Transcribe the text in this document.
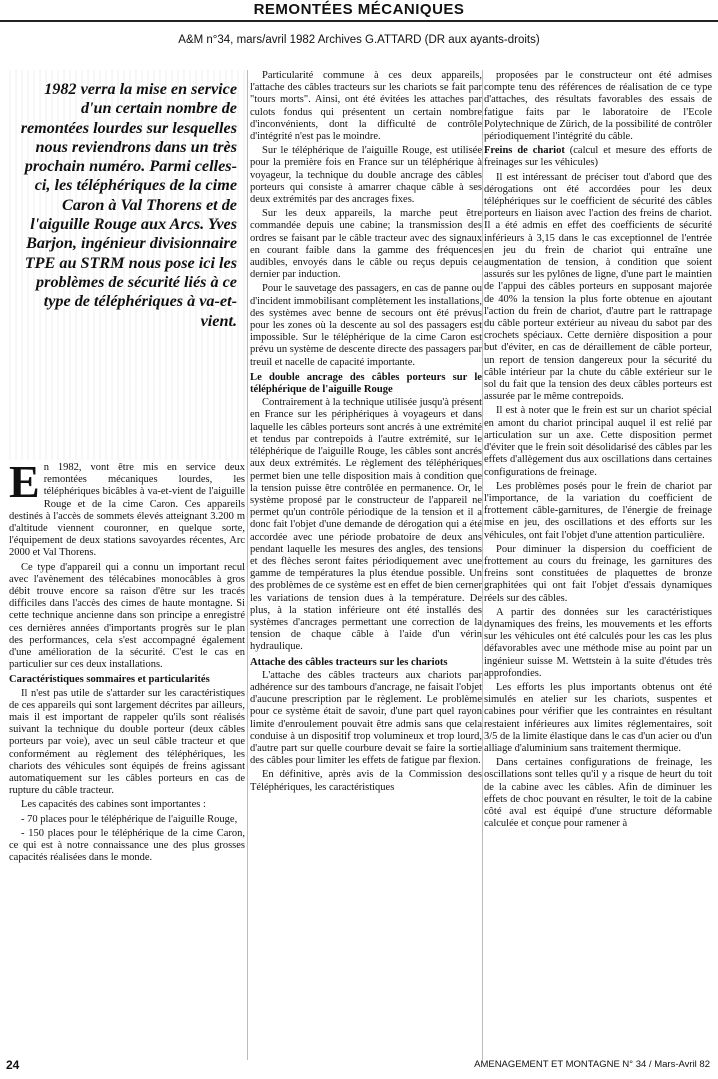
REMONTÉES MÉCANIQUES
A&M n°34, mars/avril 1982 Archives G.ATTARD (DR aux ayants-droits)
1982 verra la mise en service d'un certain nombre de remontées lourdes sur lesquelles nous reviendrons dans un très prochain numéro. Parmi celles-ci, les téléphériques de la cime Caron à Val Thorens et de l'aiguille Rouge aux Arcs. Yves Barjon, ingénieur divisionnaire TPE au STRM nous pose ici les problèmes de sécurité liés à ce type de téléphériques à va-et-vient.

En 1982, vont être mis en service deux remontées mécaniques lourdes, les téléphériques bicâbles à va-et-vient de l'aiguille Rouge et de la cime Caron. Ces appareils destinés à l'accès de sommets élevés atteignant 3.200 m d'altitude viennent couronner, en quelque sorte, l'équipement de deux stations savoyardes récentes, Arc 2000 et Val Thorens.

Ce type d'appareil qui a connu un important recul avec l'avènement des télécabines monocâbles à gros débit trouve encore sa raison d'être sur les tracés difficiles dans l'accès des cimes de haute montagne. Si cette technique ancienne dans son principe a enregistré ces dernières années d'importants progrès sur le plan des performances, cela s'est accompagné également d'une amélioration de la sécurité. C'est le cas en particulier sur ces deux installations.

Caractéristiques sommaires et particularités

Il n'est pas utile de s'attarder sur les caractéristiques de ces appareils qui sont largement décrites par ailleurs, mais il est important de rappeler qu'ils sont réalisés suivant la technique du double porteur (deux câbles porteurs par voie), avec un seul câble tracteur et que conformément au règlement des téléphériques, les chariots des véhicules sont équipés de freins agissant automatiquement sur les câbles porteurs en cas de rupture du câble tracteur.

Les capacités des cabines sont importantes :

- 70 places pour le téléphérique de l'aiguille Rouge,

- 150 places pour le téléphérique de la cime Caron, ce qui est à notre connaissance une des plus grosses capacités réalisées dans le monde.

Particularité commune à ces deux appareils, l'attache des câbles tracteurs sur les chariots se fait par "tours morts". Ainsi, ont été évitées les attaches par culots fondus qui présentent un certain nombre d'inconvénients, dont la difficulté de contrôle d'intégrité n'est pas le moindre.

Sur le téléphérique de l'aiguille Rouge, est utilisée pour la première fois en France sur un téléphérique à voyageur, la technique du double ancrage des câbles porteurs qui consiste à amarrer chaque câble à ses deux extrémités par des ancrages fixes.

Sur les deux appareils, la marche peut être commandée depuis une cabine; la transmission des ordres se faisant par le câble tracteur avec des signaux en courant faible dans la gamme des fréquences audibles, envoyés dans le câble ou reçus depuis ce dernier par induction.

Pour le sauvetage des passagers, en cas de panne ou d'incident immobilisant complètement les installations, des systèmes avec benne de secours ont été prévus pour les zones où la descente au sol des passagers est impossible. Sur le téléphérique de la cime Caron est prévu un système de descente directe des passagers par treuil et nacelle de capacité importante.

Le double ancrage des câbles porteurs sur le téléphérique de l'aiguille Rouge

Contrairement à la technique utilisée jusqu'à présent en France sur les périphériques à voyageurs et dans laquelle les câbles porteurs sont ancrés à une extrémité et tendus par contrepoids à l'autre extrémité, sur le téléphérique de l'aiguille Rouge, les câbles sont ancrés aux deux extrémités. Le règlement des téléphériques permet bien une telle disposition mais à condition que la tension puisse être contrôlée en permanence. Or, le système proposé par le constructeur de l'appareil ne permet qu'un contrôle périodique de la tension et il a donc fait l'objet d'une demande de dérogation qui a été accordée avec une période probatoire de deux ans pendant laquelle les mesures des angles, des tensions et des flèches seront faites périodiquement avec une gamme de températures la plus étendue possible. Un des problèmes de ce système est en effet de bien cerner les variations de tension dues à la température. De plus, à la station inférieure ont été installés des systèmes d'ancrages permettant une correction de la tension de chaque câble à l'aide d'un vérin hydraulique.

Attache des câbles tracteurs sur les chariots

L'attache des câbles tracteurs aux chariots par adhérence sur des tambours d'ancrage, ne faisait l'objet d'aucune prescription par le règlement. Le problème pour ce système était de savoir, d'une part quel rayon limite d'enroulement pouvait être admis sans que cela conduise à un dispositif trop volumineux et trop lourd, d'autre part sur quelle courbure devait se faire la sortie des câbles pour limiter les effets de fatigue par flexion.

En définitive, après avis de la Commission des Téléphériques, les caractéristiques

proposées par le constructeur ont été admises compte tenu des références de réalisation de ce type d'attaches, des résultats favorables des essais de fatigue faits par le laboratoire de l'Ecole Polytechnique de Zürich, de la possibilité de contrôler périodiquement l'intégrité du câble.

Freins de chariot (calcul et mesure des efforts de freinages sur les véhicules)

Il est intéressant de préciser tout d'abord que des dérogations ont été accordées pour les deux téléphériques sur le coefficient de sécurité des câbles porteurs en liaison avec l'action des freins de chariot. Il a été admis en effet des coefficients de sécurité inférieurs à 3,15 dans le cas exceptionnel de l'entrée en jeu du frein de chariot qui entraîne une augmentation de tension, à condition que soient assurés sur les pylônes de ligne, d'une part le maintien de l'appui des câbles porteurs en supposant majorée de 40% la tension la plus forte obtenue en ajoutant l'action du frein de chariot, d'autre part le rattrapage du câble porteur extérieur au niveau du sabot par des crochets spéciaux. Cette dernière disposition a pour but d'éviter, en cas de déraillement de câble porteur, un report de tension dangereux pour la sécurité du câble intérieur par la chute du câble extérieur sur le sol du fait que la tension des deux câbles porteurs est assurée par le même contrepoids.

Il est à noter que le frein est sur un chariot spécial en amont du chariot principal auquel il est relié par articulation sur un axe. Cette disposition permet d'éviter que le frein soit désolidarisé des câbles par les effets d'allègement dus aux oscillations dans certaines configurations de freinage.

Les problèmes posés pour le frein de chariot par l'importance, de la variation du coefficient de frottement câble-garnitures, de l'énergie de freinage mise en jeu, des oscillations et des efforts sur les véhicules, ont fait l'objet d'une attention particulière.

Pour diminuer la dispersion du coefficient de frottement au cours du freinage, les garnitures des freins sont constituées de plaquettes de bronze graphitées qui ont fait l'objet d'essais dynamiques réels sur des câbles.

A partir des données sur les caractéristiques dynamiques des freins, les mouvements et les efforts sur les véhicules ont été calculés pour les cas les plus défavorables avec une méthode mise au point par un ingénieur suisse M. Wettstein à la suite d'études très approfondies.

Les efforts les plus importants obtenus ont été simulés en atelier sur les chariots, suspentes et cabines pour vérifier que les contraintes en résultant restaient inférieures aux limites réglementaires, soit 3/5 de la limite élastique dans le cas d'un acier ou d'un alliage d'aluminium sans traitement thermique.

Dans certaines configurations de freinage, les oscillations sont telles qu'il y a risque de heurt du toit de la cabine avec les câbles. Afin de diminuer les effets de choc pouvant en résulter, le toit de la cabine côté aval est équipé d'une structure déformable calculée et conçue pour ramener à

24	AMENAGEMENT ET MONTAGNE N° 34 / Mars-Avril 82
